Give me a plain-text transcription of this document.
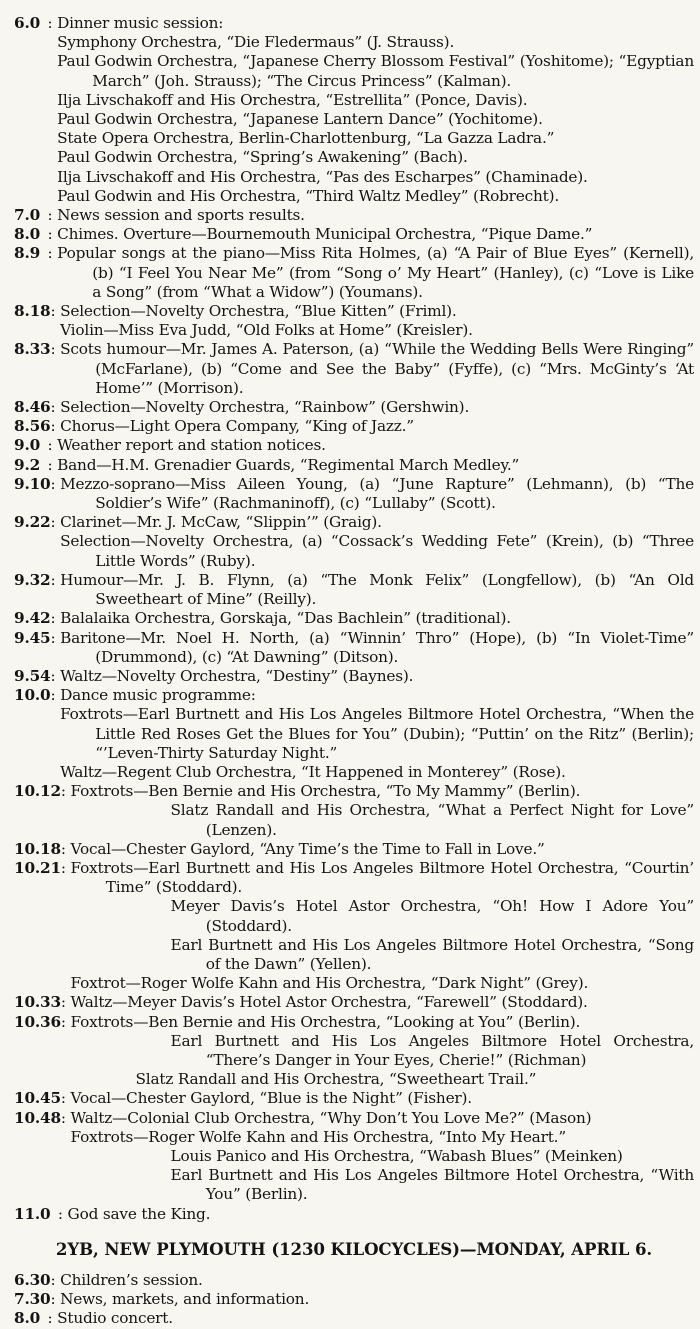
6.0  : Dinner music session:
Symphony Orchestra, “Die Fledermaus” (J. Strauss).
Paul Godwin Orchestra, “Japanese Cherry Blossom Festival” (Yoshitome); “Egyptian March” (Joh. Strauss); “The Circus Princess” (Kalman).
Ilja Livschakoff and His Orchestra, “Estrellita” (Ponce, Davis).
Paul Godwin Orchestra, “Japanese Lantern Dance” (Yochitome).
State Opera Orchestra, Berlin-Charlottenburg, “La Gazza Ladra.”
Paul Godwin Orchestra, “Spring’s Awakening” (Bach).
Ilja Livschakoff and His Orchestra, “Pas des Escharpes” (Chaminade).
Paul Godwin and His Orchestra, “Third Waltz Medley” (Robrecht).
7.0  : News session and sports results.
8.0  : Chimes. Overture—Bournemouth Municipal Orchestra, “Pique Dame.”
8.9  : Popular songs at the piano—Miss Rita Holmes, (a) “A Pair of Blue Eyes” (Kernell), (b) “I Feel You Near Me” (from “Song o’ My Heart” (Hanley), (c) “Love is Like a Song” (from “What a Widow”) (Youmans).
8.18 : Selection—Novelty Orchestra, “Blue Kitten” (Friml).
Violin—Miss Eva Judd, “Old Folks at Home” (Kreisler).
8.33 : Scots humour—Mr. James A. Paterson, (a) “While the Wedding Bells Were Ringing” (McFarlane), (b) “Come and See the Baby” (Fyffe), (c) “Mrs. McGinty’s ‘At Home’” (Morrison).
8.46 : Selection—Novelty Orchestra, “Rainbow” (Gershwin).
8.56 : Chorus—Light Opera Company, “King of Jazz.”
9.0  : Weather report and station notices.
9.2  : Band—H.M. Grenadier Guards, “Regimental March Medley.”
9.10 : Mezzo-soprano—Miss Aileen Young, (a) “June Rapture” (Lehmann), (b) “The Soldier’s Wife” (Rachmaninoff), (c) “Lullaby” (Scott).
9.22 : Clarinet—Mr. J. McCaw, “Slippin’” (Graig).
Selection—Novelty Orchestra, (a) “Cossack’s Wedding Fete” (Krein), (b) “Three Little Words” (Ruby).
9.32 : Humour—Mr. J. B. Flynn, (a) “The Monk Felix” (Longfellow), (b) “An Old Sweetheart of Mine” (Reilly).
9.42 : Balalaika Orchestra, Gorskaja, “Das Bachlein” (traditional).
9.45 : Baritone—Mr. Noel H. North, (a) “Winnin’ Thro” (Hope), (b) “In Violet-Time” (Drummond), (c) “At Dawning” (Ditson).
9.54 : Waltz—Novelty Orchestra, “Destiny” (Baynes).
10.0 : Dance music programme:
Foxtrots—Earl Burtnett and His Los Angeles Biltmore Hotel Orchestra, “When the Little Red Roses Get the Blues for You” (Dubin); “Puttin’ on the Ritz” (Berlin); “’Leven-Thirty Saturday Night.”
Waltz—Regent Club Orchestra, “It Happened in Monterey” (Rose).
10.12 : Foxtrots—Ben Bernie and His Orchestra, “To My Mammy” (Berlin).
Slatz Randall and His Orchestra, “What a Perfect Night for Love” (Lenzen).
10.18 : Vocal—Chester Gaylord, “Any Time’s the Time to Fall in Love.”
10.21 : Foxtrots—Earl Burtnett and His Los Angeles Biltmore Hotel Orchestra, “Courtin’ Time” (Stoddard).
Meyer Davis’s Hotel Astor Orchestra, “Oh! How I Adore You” (Stoddard).
Earl Burtnett and His Los Angeles Biltmore Hotel Orchestra, “Song of the Dawn” (Yellen).
Foxtrot—Roger Wolfe Kahn and His Orchestra, “Dark Night” (Grey).
10.33 : Waltz—Meyer Davis’s Hotel Astor Orchestra, “Farewell” (Stoddard).
10.36 : Foxtrots—Ben Bernie and His Orchestra, “Looking at You” (Berlin).
Earl Burtnett and His Los Angeles Biltmore Hotel Orchestra, “There’s Danger in Your Eyes, Cherie!” (Richman)
Slatz Randall and His Orchestra, “Sweetheart Trail.”
10.45 : Vocal—Chester Gaylord, “Blue is the Night” (Fisher).
10.48 : Waltz—Colonial Club Orchestra, “Why Don’t You Love Me?” (Mason)
Foxtrots—Roger Wolfe Kahn and His Orchestra, “Into My Heart.”
Louis Panico and His Orchestra, “Wabash Blues” (Meinken)
Earl Burtnett and His Los Angeles Biltmore Hotel Orchestra, “With You” (Berlin).
11.0  : God save the King.
2YB, NEW PLYMOUTH (1230 KILOCYCLES)—MONDAY, APRIL 6.
6.30 : Children’s session.
7.30 : News, markets, and information.
8.0  : Studio concert.
